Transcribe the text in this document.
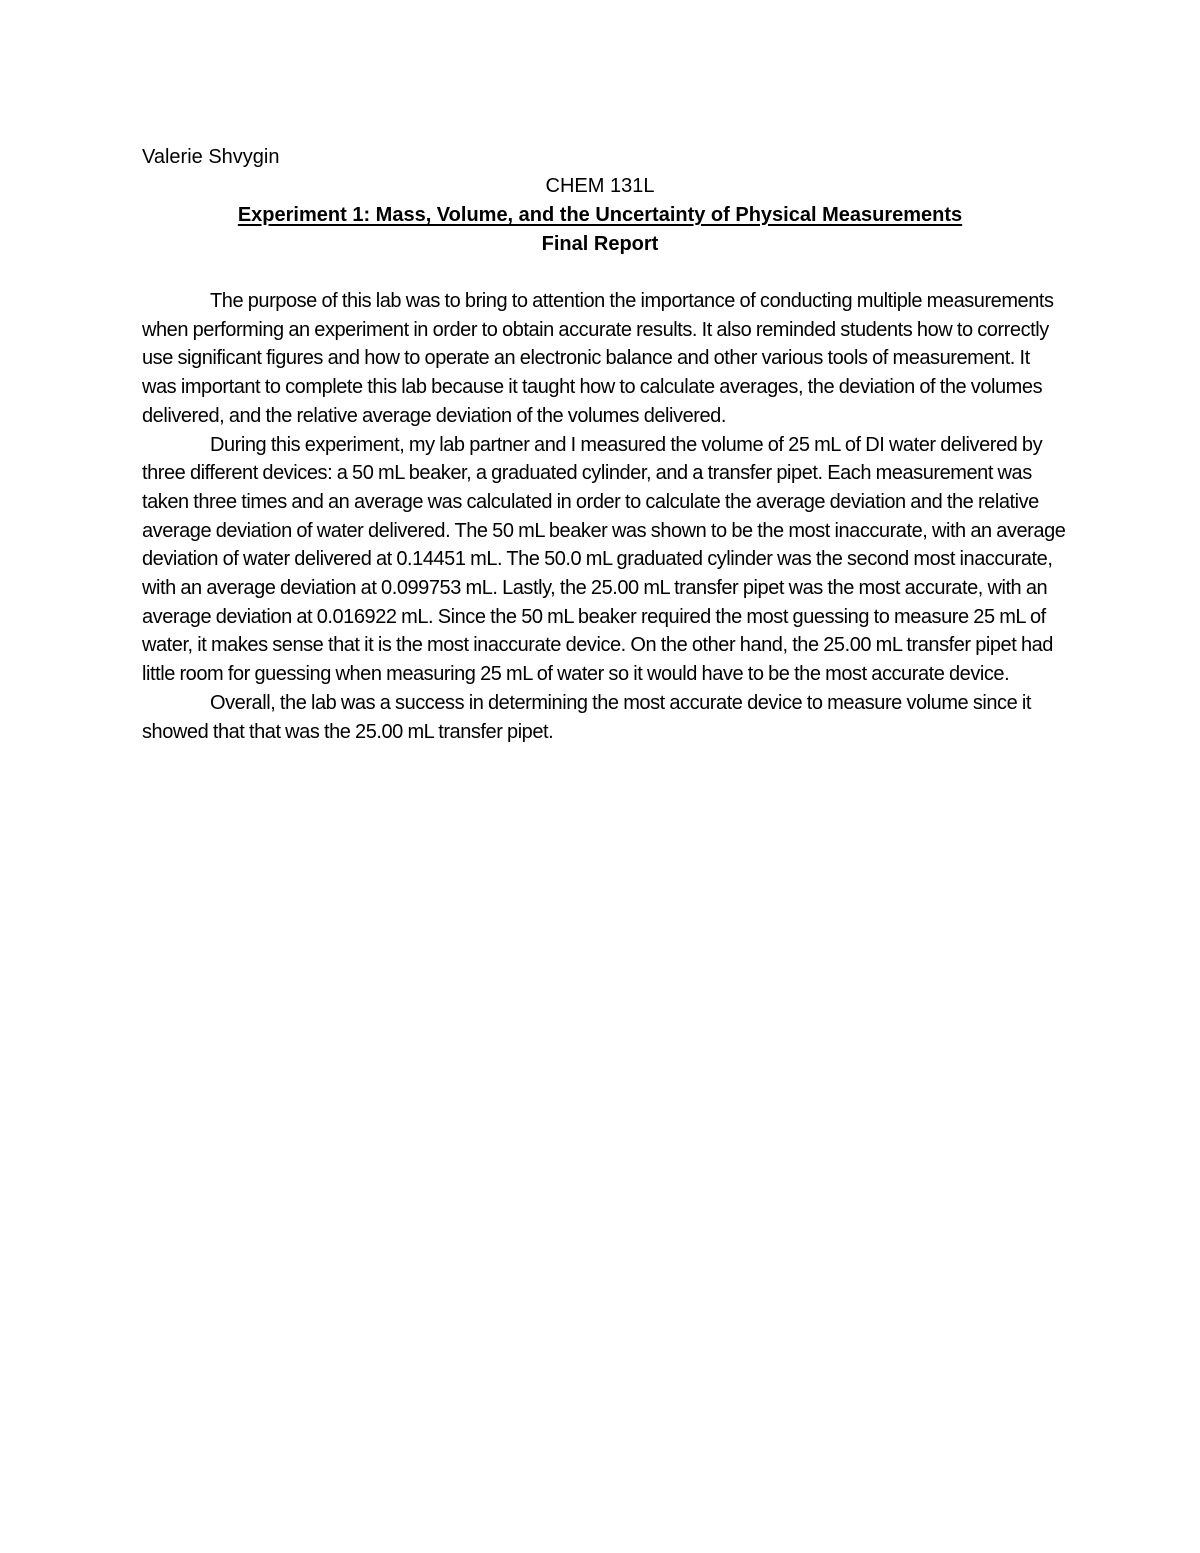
Valerie Shvygin

CHEM 131L

Experiment 1: Mass, Volume, and the Uncertainty of Physical Measurements

Final Report

The purpose of this lab was to bring to attention the importance of conducting multiple measurements when performing an experiment in order to obtain accurate results. It also reminded students how to correctly use significant figures and how to operate an electronic balance and other various tools of measurement. It was important to complete this lab because it taught how to calculate averages, the deviation of the volumes delivered, and the relative average deviation of the volumes delivered.

During this experiment, my lab partner and I measured the volume of 25 mL of DI water delivered by three different devices: a 50 mL beaker, a graduated cylinder, and a transfer pipet. Each measurement was taken three times and an average was calculated in order to calculate the average deviation and the relative average deviation of water delivered. The 50 mL beaker was shown to be the most inaccurate, with an average deviation of water delivered at 0.14451 mL. The 50.0 mL graduated cylinder was the second most inaccurate, with an average deviation at 0.099753 mL. Lastly, the 25.00 mL transfer pipet was the most accurate, with an average deviation at 0.016922 mL. Since the 50 mL beaker required the most guessing to measure 25 mL of water, it makes sense that it is the most inaccurate device. On the other hand, the 25.00 mL transfer pipet had little room for guessing when measuring 25 mL of water so it would have to be the most accurate device.

Overall, the lab was a success in determining the most accurate device to measure volume since it showed that that was the 25.00 mL transfer pipet.
